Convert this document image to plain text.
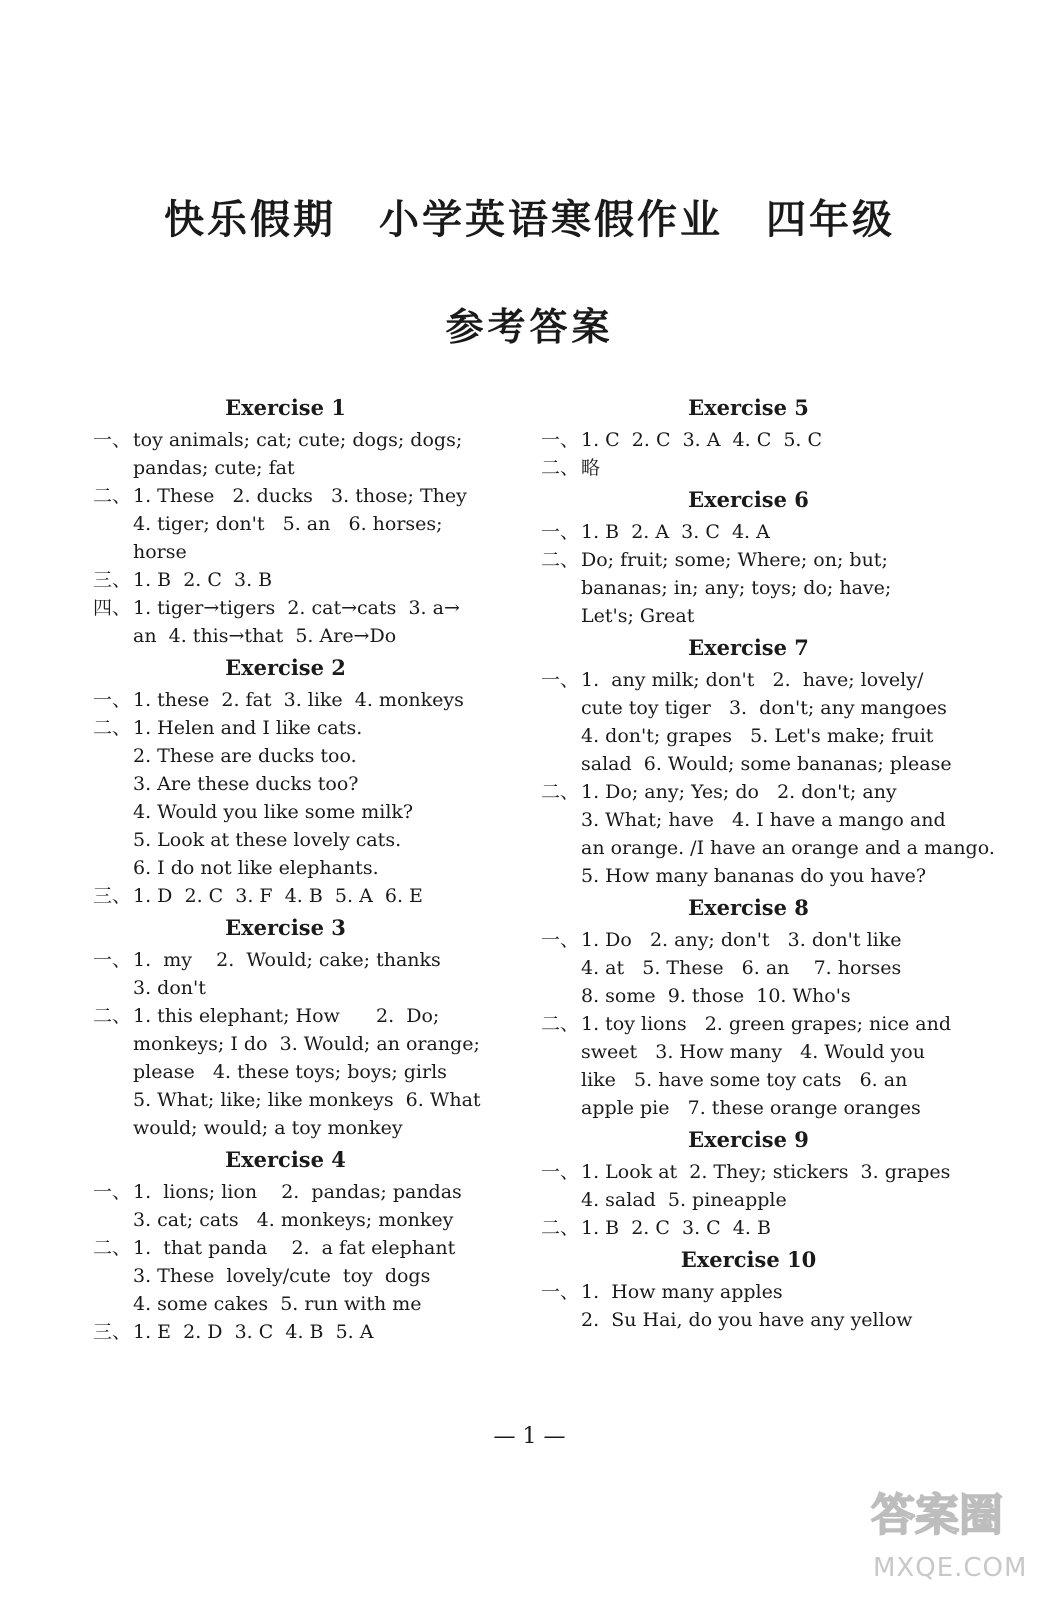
快乐假期　小学英语寒假作业　四年级
参考答案
Exercise 1
一、 toy animals; cat; cute; dogs; dogs;
pandas; cute; fat
二、 1. These   2. ducks   3. those; They
4. tiger; don't   5. an   6. horses;
horse
三、 1. B  2. C  3. B
四、 1. tiger→tigers  2. cat→cats  3. a→
an  4. this→that  5. Are→Do
Exercise 2
一、 1. these  2. fat  3. like  4. monkeys
二、 1. Helen and I like cats.
2. These are ducks too.
3. Are these ducks too?
4. Would you like some milk?
5. Look at these lovely cats.
6. I do not like elephants.
三、 1. D  2. C  3. F  4. B  5. A  6. E
Exercise 3
一、 1.  my    2.  Would; cake; thanks
3. don't
二、 1. this elephant; How      2.  Do;
monkeys; I do  3. Would; an orange;
please   4. these toys; boys; girls
5. What; like; like monkeys  6. What
would; would; a toy monkey
Exercise 4
一、 1.  lions; lion    2.  pandas; pandas
3. cat; cats   4. monkeys; monkey
二、 1.  that panda    2.  a fat elephant
3. These  lovely/cute  toy  dogs
4. some cakes  5. run with me
三、 1. E  2. D  3. C  4. B  5. A
Exercise 5
一、 1. C  2. C  3. A  4. C  5. C
二、 略
Exercise 6
一、 1. B  2. A  3. C  4. A
二、 Do; fruit; some; Where; on; but;
bananas; in; any; toys; do; have;
Let's; Great
Exercise 7
一、 1.  any milk; don't   2.  have; lovely/
cute toy tiger   3.  don't; any mangoes
4. don't; grapes   5. Let's make; fruit
salad  6. Would; some bananas; please
二、 1. Do; any; Yes; do   2. don't; any
3. What; have   4. I have a mango and
an orange. /I have an orange and a mango.
5. How many bananas do you have?
Exercise 8
一、 1. Do   2. any; don't   3. don't like
4. at   5. These   6. an    7. horses
8. some  9. those  10. Who's
二、 1. toy lions   2. green grapes; nice and
sweet   3. How many   4. Would you
like   5. have some toy cats   6. an
apple pie   7. these orange oranges
Exercise 9
一、 1. Look at  2. They; stickers  3. grapes
4. salad  5. pineapple
二、 1. B  2. C  3. C  4. B
Exercise 10
一、 1.  How many apples
2.  Su Hai, do you have any yellow
— 1 —
答案圈
MXQE.COM
